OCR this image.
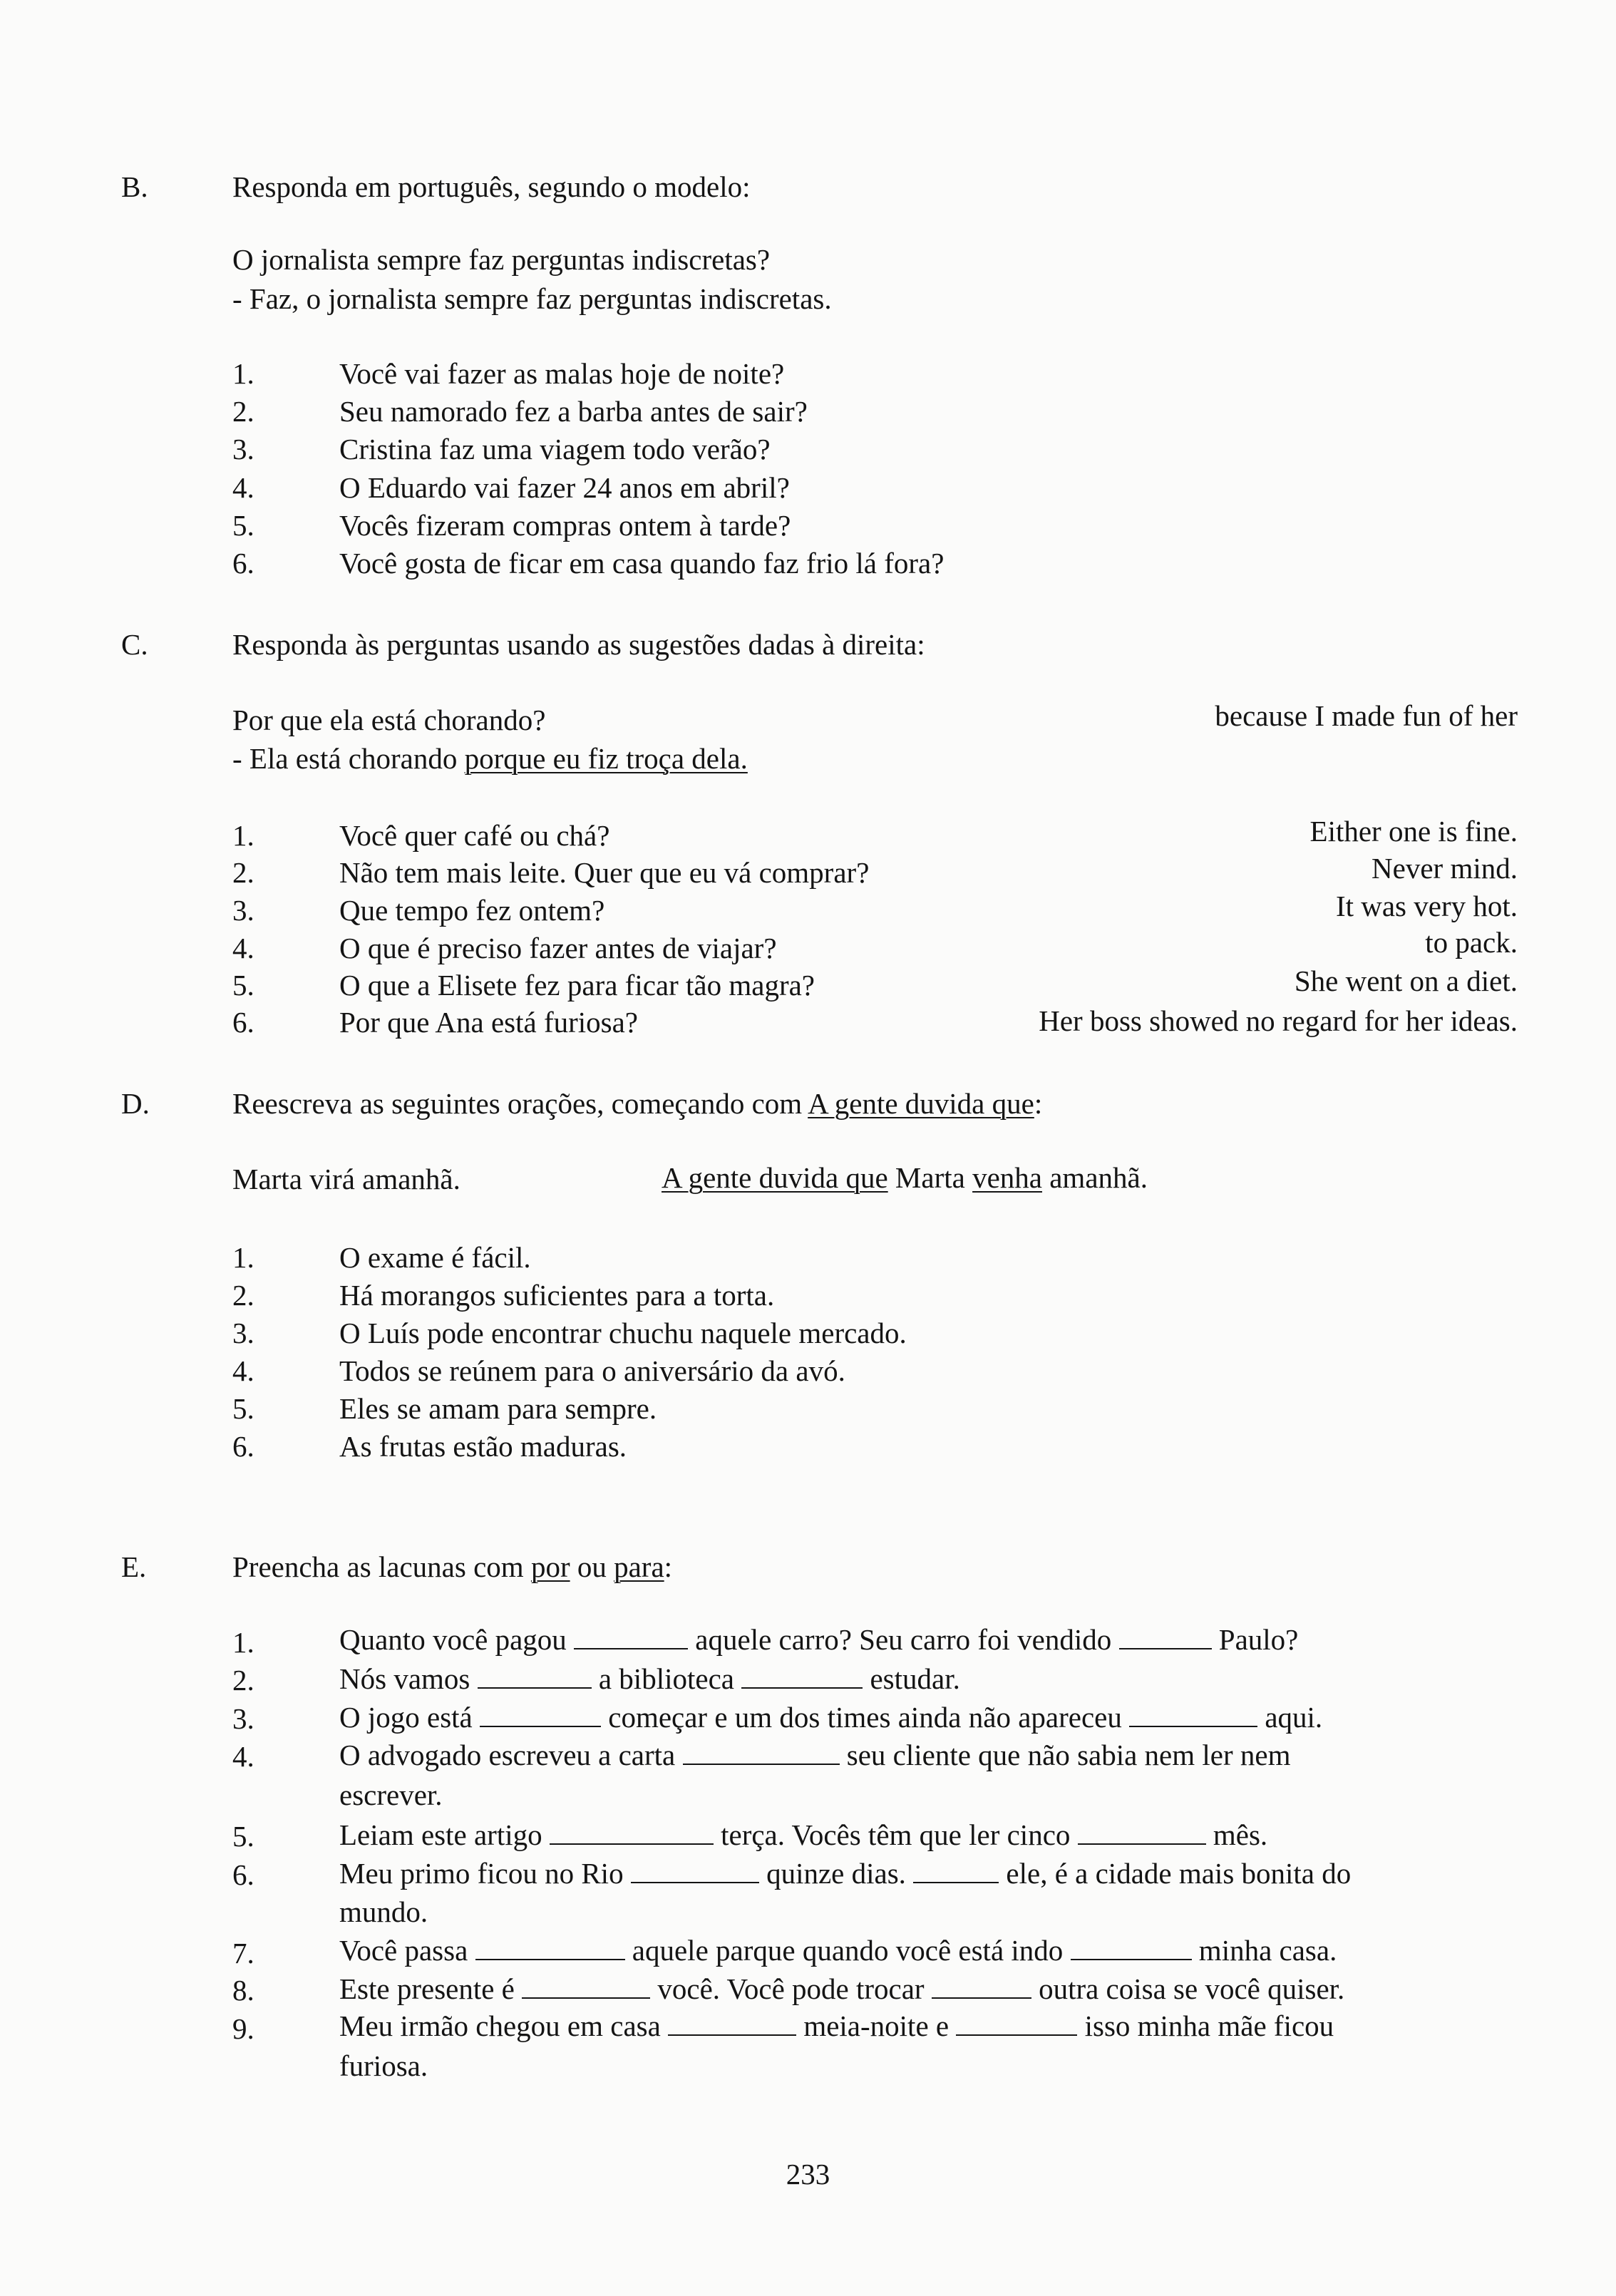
B.	Responda em português, segundo o modelo:
O jornalista sempre faz perguntas indiscretas?
- Faz, o jornalista sempre faz perguntas indiscretas.
1.	Você vai fazer as malas hoje de noite?
2.	Seu namorado fez a barba antes de sair?
3.	Cristina faz uma viagem todo verão?
4.	O Eduardo vai fazer 24 anos em abril?
5.	Vocês fizeram compras ontem à tarde?
6.	Você gosta de ficar em casa quando faz frio lá fora?
C.	Responda às perguntas usando as sugestões dadas à direita:
Por que ela está chorando?	because I made fun of her
- Ela está chorando porque eu fiz troça dela.
1.	Você quer café ou chá?	Either one is fine.
2.	Não tem mais leite. Quer que eu vá comprar?	Never mind.
3.	Que tempo fez ontem?	It was very hot.
4.	O que é preciso fazer antes de viajar?	to pack.
5.	O que a Elisete fez para ficar tão magra?	She went on a diet.
6.	Por que Ana está furiosa?	Her boss showed no regard for her ideas.
D.	Reescreva as seguintes orações, começando com A gente duvida que:
Marta virá amanhã.	A gente duvida que Marta venha amanhã.
1.	O exame é fácil.
2.	Há morangos suficientes para a torta.
3.	O Luís pode encontrar chuchu naquele mercado.
4.	Todos se reúnem para o aniversário da avó.
5.	Eles se amam para sempre.
6.	As frutas estão maduras.
E.	Preencha as lacunas com por ou para:
1.	Quanto você pagou	aquele carro? Seu carro foi vendido	Paulo?
2.	Nós vamos	a biblioteca	estudar.
3.	O jogo está	começar e um dos times ainda não apareceu	aqui.
4.	O advogado escreveu a carta	seu cliente que não sabia nem ler nem
escrever.
5.	Leiam este artigo	terça. Vocês têm que ler cinco	mês.
6.	Meu primo ficou no Rio	quinze dias.	ele, é a cidade mais bonita do
mundo.
7.	Você passa	aquele parque quando você está indo	minha casa.
8.	Este presente é	você. Você pode trocar	outra coisa se você quiser.
9.	Meu irmão chegou em casa	meia-noite e	isso minha mãe ficou
furiosa.
233
